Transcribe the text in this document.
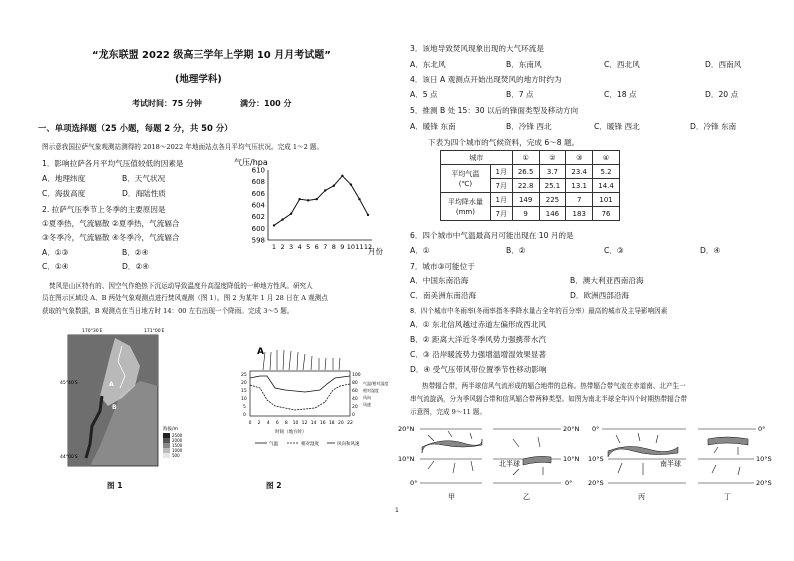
“龙东联盟 2022 级高三学年上学期 10 月月考试题”
(地理学科)
考试时间：75 分钟	满分：100 分
一、单项选择题（25 小题，每题 2 分，共 50 分）
图示意我国拉萨气象观测站测得的 2018～2022 年地面站点各月平均气压状况。完成 1～2 题。
1．影响拉萨各月平均气压值较低的因素是
A．地理纬度	B．天气状况
C．海拔高度	D．海陆性质
2. 拉萨气压季节上冬季的主要原因是
①夏季热，气流辐散 ②夏季热，气流辐合
③冬季冷，气流辐散 ④冬季冷，气流辐合
A．①③	B．②④
C．①④	D．②④
气压/hpa
598
600
602
604
606
608
610
1 2 3 4 5 6 7 8 9 10 11 12
月份
焚风是山区特有的、因空气作绝热下沉运动导致温度升高湿度降低的一种地方性风。研究人
员在图示区域设 A、B 两处气象观测点进行焚风观测（图 1）。图 2 为某年 1 月 28 日在 A 观测点
获取的气象数据，B 观测点在当日地方时 14：00 左右出现一个降雨。完成 3～5 题。
170°30′E	171°00′E
A
B
45°40′S
44°00′S
海拔/m
2500
2000
1500
1000
500
图 1
A
25
20
15
10
5
0
100
80
60
40
20
0
0 2 4 6 8 10 12 14 16 18 20 22
时间（地方时）
气温/相对湿度
相对湿度
风向
风速
气温	相对湿度	风向和风速
图 2
3．该地导致焚风现象出现的大气环流是
A．东北风	B．东南风	C．西北风	D．西南风
4．该日 A 观测点开始出现焚风的地方时约为
A．5 点	B．7 点	C．18 点	D．20 点
5．推测 B 处 15：30 以后的锋面类型及移动方向
A．暖锋 东南	B．冷锋 西北	C．暖锋 西北	D．冷锋 东南
下表为四个城市的气候资料，完成 6～8 题。
城市		①	②	③	④

平均气温
(℃)	1月	26.5	3.7	23.4	5.2
	7月	22.8	25.1	13.1	14.4

平均降水量
(mm)	1月	149	225	7	101
	7月	9	146	183	76
6．四个城市中气温最高月可能出现在 10 月的是
A．①	B．②	C．③	D．④
7．城市③可能位于
A．中国东南沿海	B．澳大利亚西南沿海
C．南美洲东南沿海	D．欧洲西部沿海
8．四个城市中冬雨率(冬雨率指冬季降水量占全年的百分率）最高的城市及主导影响因素
A．① 东北信风越过赤道左偏形成西北风
B．② 距离大洋近冬季风势力强携带水汽
C．③ 沿岸暖流势力强增温增湿效果显著
D．④ 受气压带风带位置季节性移动影响
热带辐合带，两半球信风气流形成的辐合地带的总称。热带辐合带气流在赤道南、北产生一
串气流旋涡，分为季风辐合带和信风辐合带两种类型。如图为南北半球全年四个时期热带辐合带
示意图，完成 9～11 题。
20°N
10°N
0°
甲
20°N
10°N
0°
北半球
乙
0°
10°S
20°S
南半球
丙
0°
10°S
20°S
丁
1
